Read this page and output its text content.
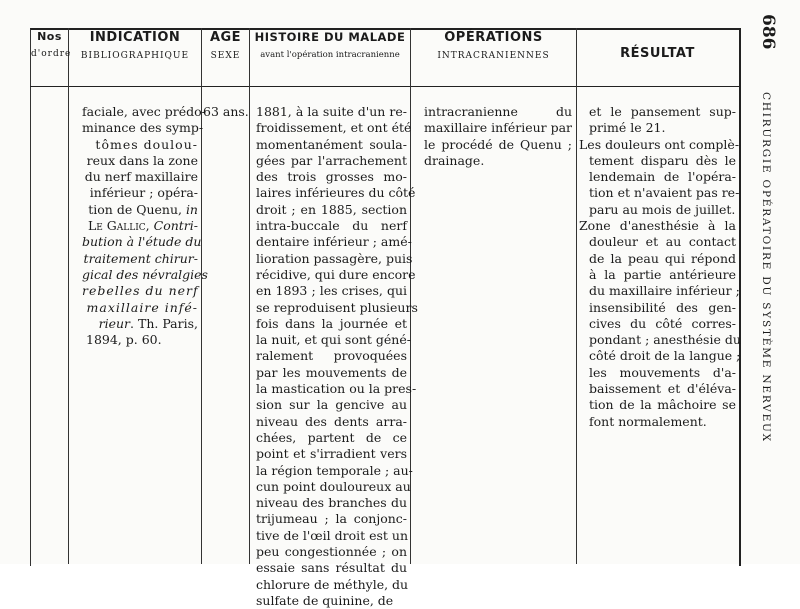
Nos
d'ordre
INDICATION
BIBLIOGRAPHIQUE
AGE
SEXE
HISTOIRE DU MALADE
avant l'opération intracranienne
OPÉRATIONS
INTRACRANIENNES	RÉSULTAT
63 ans.
faciale, avec prédo-
minance des symp-
tômes doulou-
reux dans la zone
du nerf maxillaire
inférieur ; opéra-
tion de Quenu, in
Le Gallic, Contri-
bution à l'étude du
traitement chirur-
gical des névralgies
rebelles du nerf
maxillaire infé-
rieur. Th. Paris,
1894, p. 60.
1881, à la suite d'un re-
froidissement, et ont été
momentanément soula-
gées par l'arrachement
des trois grosses mo-
laires inférieures du côté
droit ; en 1885, section
intra-buccale du nerf
dentaire inférieur ; amé-
lioration passagère, puis
récidive, qui dure encore
en 1893 ; les crises, qui
se reproduisent plusieurs
fois dans la journée et
la nuit, et qui sont géné-
ralement provoquées
par les mouvements de
la mastication ou la pres-
sion sur la gencive au
niveau des dents arra-
chées, partent de ce
point et s'irradient vers
la région temporale ; au-
cun point douloureux au
niveau des branches du
trijumeau ; la conjonc-
tive de l'œil droit est un
peu congestionnée ; on
essaie sans résultat du
chlorure de méthyle, du
sulfate de quinine, de
intracranienne du
maxillaire inférieur par
le procédé de Quenu ;
drainage.
et le pansement sup-
primé le 21.
Les douleurs ont complè-
tement disparu dès le
lendemain de l'opéra-
tion et n'avaient pas re-
paru au mois de juillet.
Zone d'anesthésie à la
douleur et au contact
de la peau qui répond
à la partie antérieure
du maxillaire inférieur ;
insensibilité des gen-
cives du côté corres-
pondant ; anesthésie du
côté droit de la langue ;
les mouvements d'a-
baissement et d'éléva-
tion de la mâchoire se
font normalement.
686
CHIRURGIE OPÉRATOIRE DU SYSTÈME NERVEUX
